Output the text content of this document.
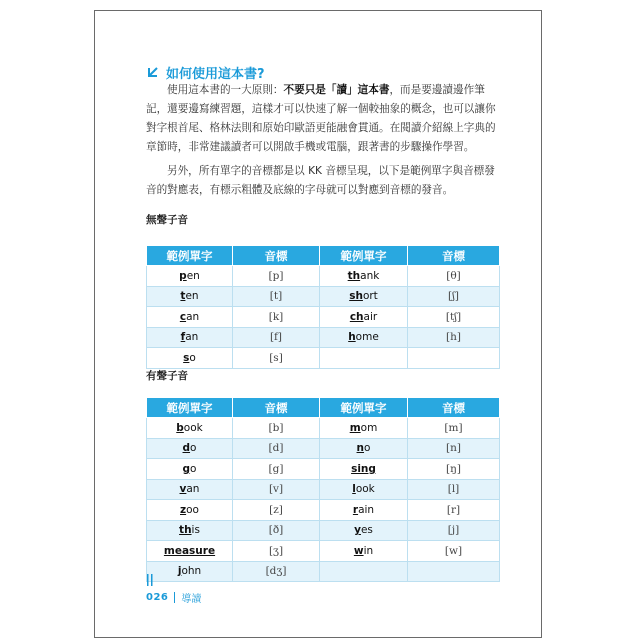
如何使用這本書?

使用這本書的一大原則：不要只是「讀」這本書，而是要邊讀邊作筆記，還要邊寫練習題，這樣才可以快速了解一個較抽象的概念，也可以讓你對字根首尾、格林法則和原始印歐語更能融會貫通。在閱讀介紹線上字典的章節時，非常建議讀者可以開啟手機或電腦，跟著書的步驟操作學習。

另外，所有單字的音標都是以 KK 音標呈現，以下是範例單字與音標發音的對應表，有標示粗體及底線的字母就可以對應到音標的發音。

無聲子音
範例單字	音標	範例單字	音標
pen	[p]	thank	[θ]
ten	[t]	short	[ʃ]
can	[k]	chair	[tʃ]
fan	[f]	home	[h]
so	[s]		
有聲子音
範例單字	音標	範例單字	音標
book	[b]	mom	[m]
do	[d]	no	[n]
go	[g]	sing	[ŋ]
van	[v]	look	[l]
zoo	[z]	rain	[r]
this	[ð]	yes	[j]
measure	[ʒ]	win	[w]
john	[dʒ]		
026 導讀
